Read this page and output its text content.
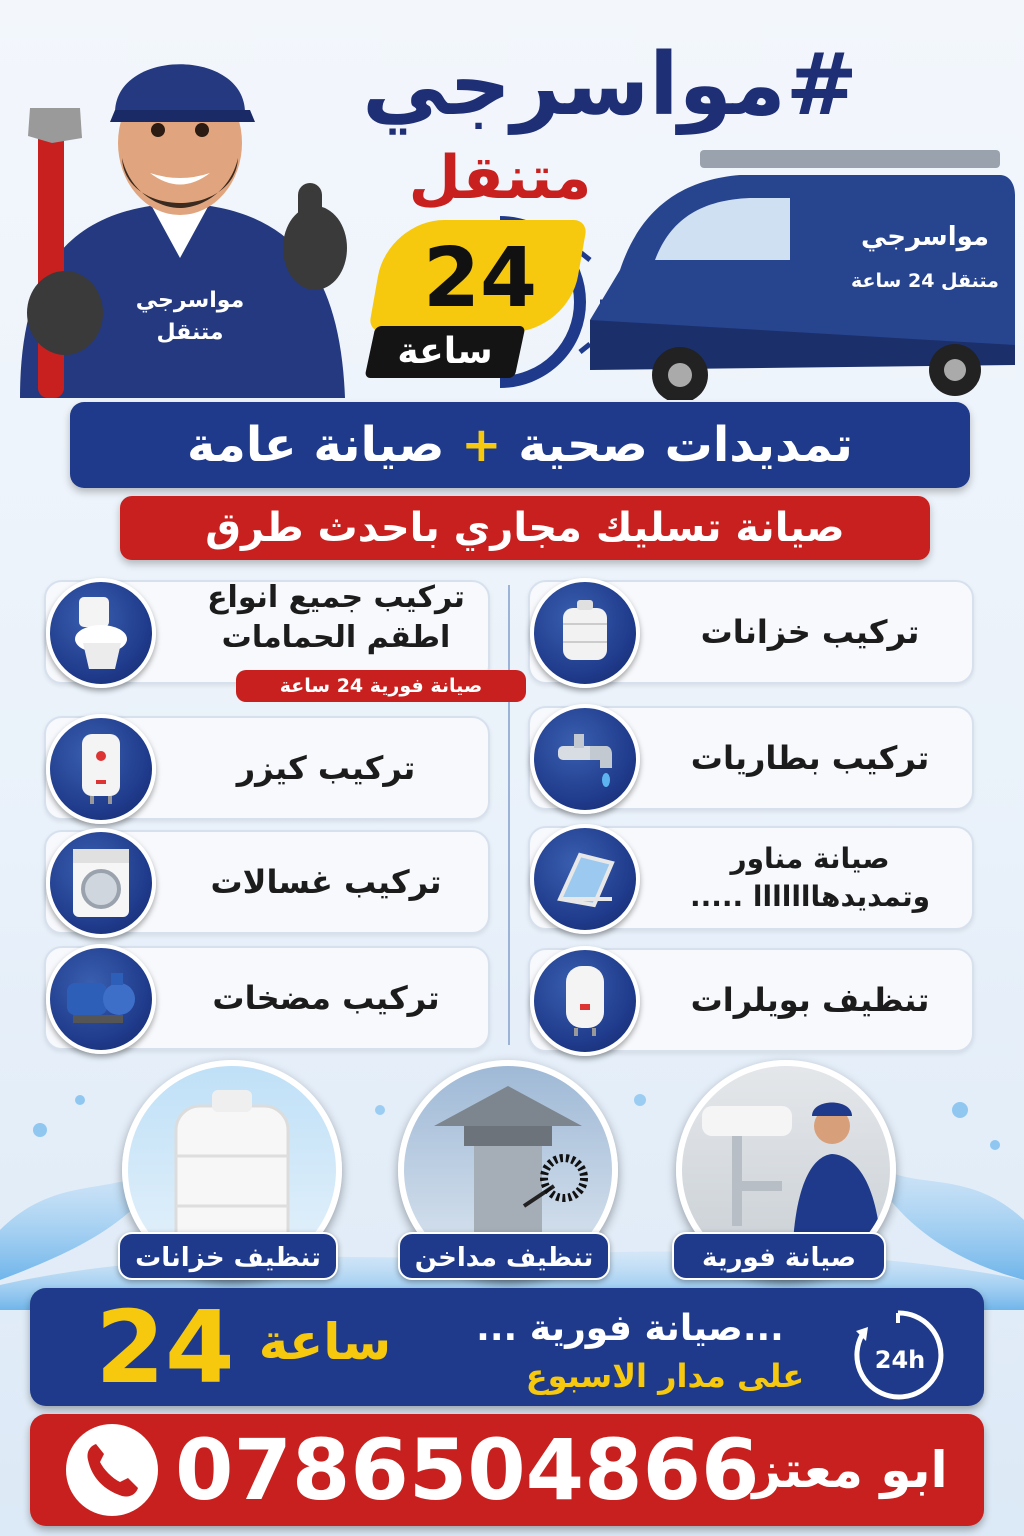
مواسرجي
متنقل
#مواسرجي
متنقل
24
ساعة
مواسرجي
متنقل 24 ساعة
تمديدات صحية + صيانة عامة
صيانة تسليك مجاري باحدث طرق
تركيب خزانات
تركيب بطاريات
صيانة مناور وتمديدهااااااا .....
تنظيف بويلرات
تركيب جميع انواع اطقم الحمامات
صيانة فورية 24 ساعة
تركيب كيزر
تركيب غسالات
تركيب مضخات
تنظيف خزانات	تنظيف مداخن	صيانة فورية
24 ساعة	...صيانة فورية ...
على مدار الاسبوع	24h
0786504866
ابو معتز
